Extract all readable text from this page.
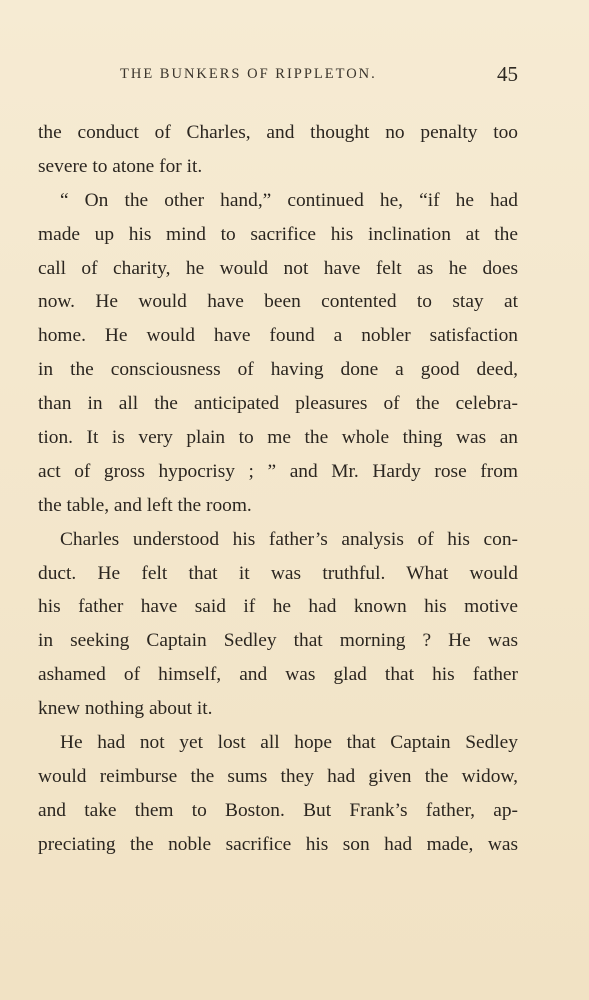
THE BUNKERS OF RIPPLETON.	45
the conduct of Charles, and thought no penalty too
severe to atone for it.
“ On the other hand,” continued he, “if he had
made up his mind to sacrifice his inclination at the
call of charity, he would not have felt as he does
now. He would have been contented to stay at
home. He would have found a nobler satisfaction
in the consciousness of having done a good deed,
than in all the anticipated pleasures of the celebra-
tion. It is very plain to me the whole thing was an
act of gross hypocrisy ; ” and Mr. Hardy rose from
the table, and left the room.
Charles understood his father’s analysis of his con-
duct. He felt that it was truthful. What would
his father have said if he had known his motive
in seeking Captain Sedley that morning ? He was
ashamed of himself, and was glad that his father
knew nothing about it.
He had not yet lost all hope that Captain Sedley
would reimburse the sums they had given the widow,
and take them to Boston. But Frank’s father, ap-
preciating the noble sacrifice his son had made, was
